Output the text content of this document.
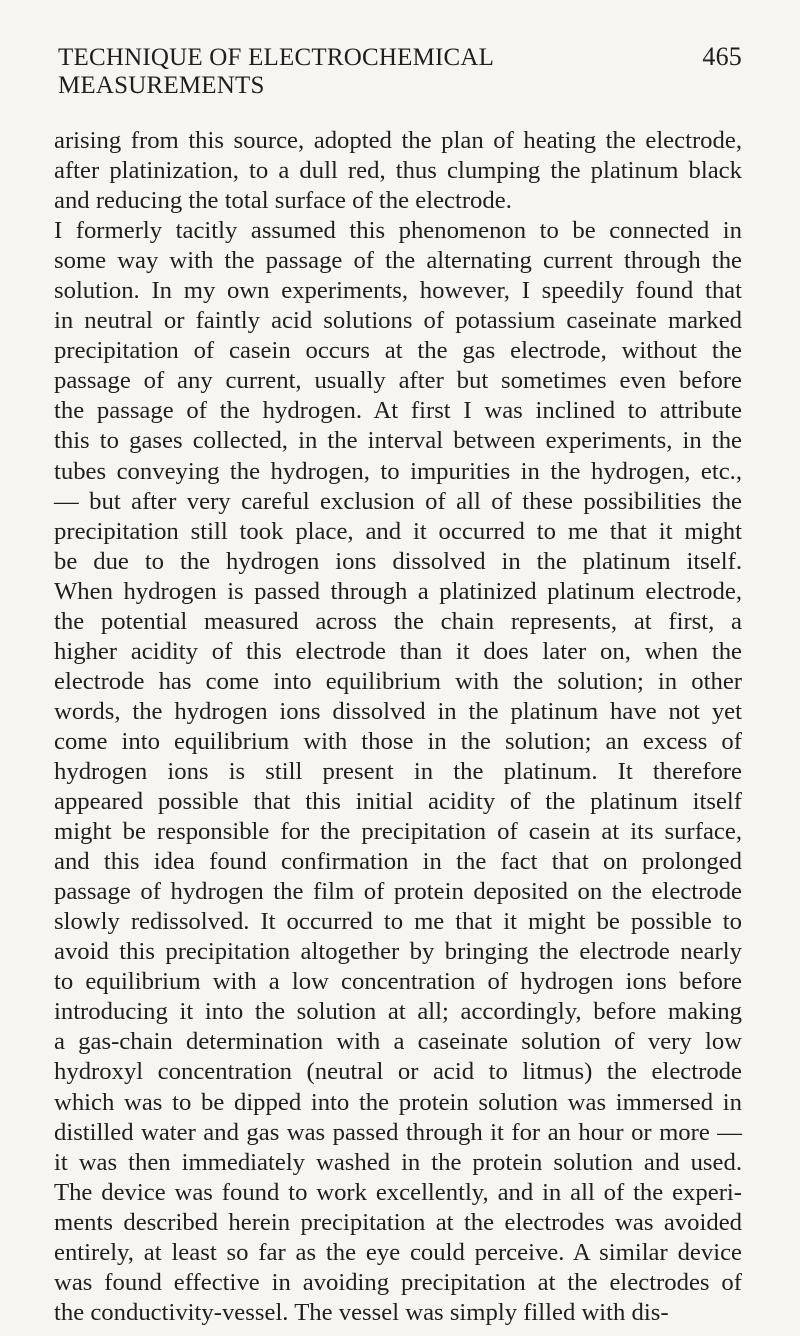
TECHNIQUE OF ELECTROCHEMICAL MEASUREMENTS
465

arising from this source, adopted the plan of heating the electrode,
after platinization, to a dull red, thus clumping the platinum black
and reducing the total surface of the electrode.

I formerly tacitly assumed this phenomenon to be connected in
some way with the passage of the alternating current through the
solution. In my own experiments, however, I speedily found that
in neutral or faintly acid solutions of potassium caseinate marked
precipitation of casein occurs at the gas electrode, without the
passage of any current, usually after but sometimes even before
the passage of the hydrogen. At first I was inclined to attribute
this to gases collected, in the interval between experiments, in the
tubes conveying the hydrogen, to impurities in the hydrogen, etc.,
— but after very careful exclusion of all of these possibilities the
precipitation still took place, and it occurred to me that it might
be due to the hydrogen ions dissolved in the platinum itself.
When hydrogen is passed through a platinized platinum electrode,
the potential measured across the chain represents, at first, a
higher acidity of this electrode than it does later on, when the
electrode has come into equilibrium with the solution; in other
words, the hydrogen ions dissolved in the platinum have not yet
come into equilibrium with those in the solution; an excess of
hydrogen ions is still present in the platinum. It therefore
appeared possible that this initial acidity of the platinum itself
might be responsible for the precipitation of casein at its surface,
and this idea found confirmation in the fact that on prolonged
passage of hydrogen the film of protein deposited on the electrode
slowly redissolved. It occurred to me that it might be possible to
avoid this precipitation altogether by bringing the electrode nearly
to equilibrium with a low concentration of hydrogen ions before
introducing it into the solution at all; accordingly, before making
a gas-chain determination with a caseinate solution of very low
hydroxyl concentration (neutral or acid to litmus) the electrode
which was to be dipped into the protein solution was immersed in
distilled water and gas was passed through it for an hour or more —
it was then immediately washed in the protein solution and used.
The device was found to work excellently, and in all of the experi-
ments described herein precipitation at the electrodes was avoided
entirely, at least so far as the eye could perceive. A similar device
was found effective in avoiding precipitation at the electrodes of
the conductivity-vessel. The vessel was simply filled with dis-
